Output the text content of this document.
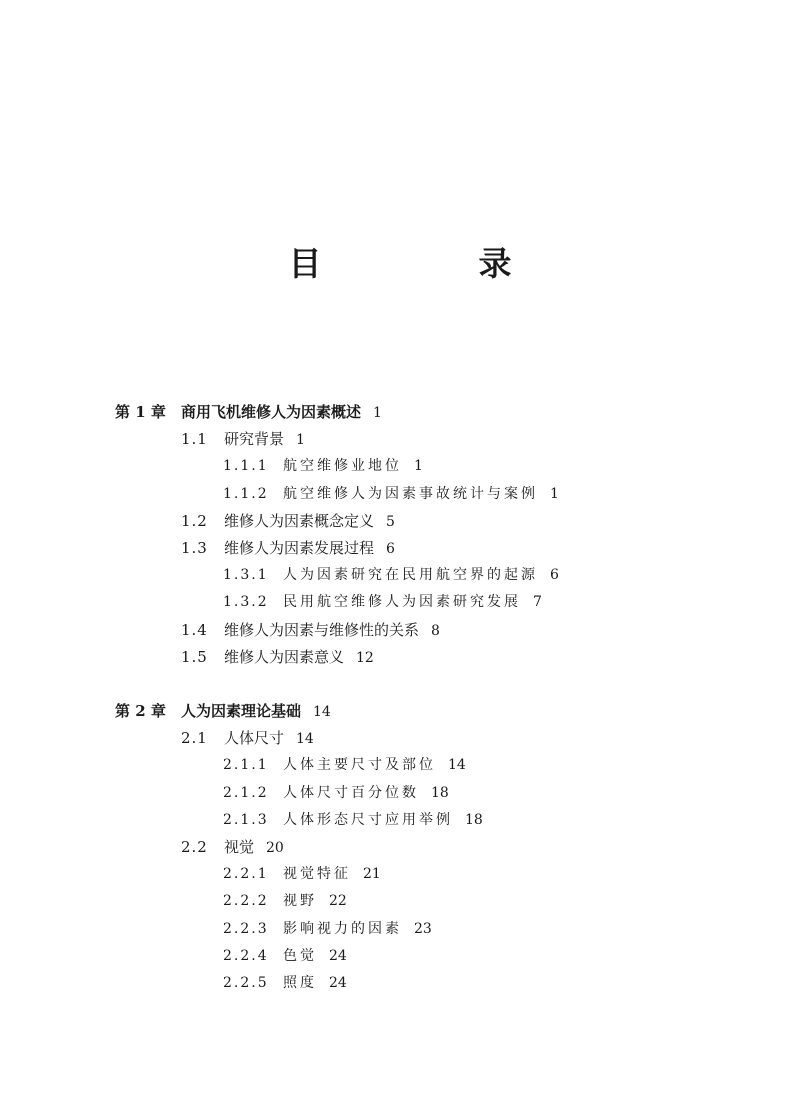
目　录
第 1 章 商用飞机维修人为因素概述 1
1.1 研究背景 1
1.1.1 航空维修业地位 1
1.1.2 航空维修人为因素事故统计与案例 1
1.2 维修人为因素概念定义 5
1.3 维修人为因素发展过程 6
1.3.1 人为因素研究在民用航空界的起源 6
1.3.2 民用航空维修人为因素研究发展 7
1.4 维修人为因素与维修性的关系 8
1.5 维修人为因素意义 12
第 2 章 人为因素理论基础 14
2.1 人体尺寸 14
2.1.1 人体主要尺寸及部位 14
2.1.2 人体尺寸百分位数 18
2.1.3 人体形态尺寸应用举例 18
2.2 视觉 20
2.2.1 视觉特征 21
2.2.2 视野 22
2.2.3 影响视力的因素 23
2.2.4 色觉 24
2.2.5 照度 24
